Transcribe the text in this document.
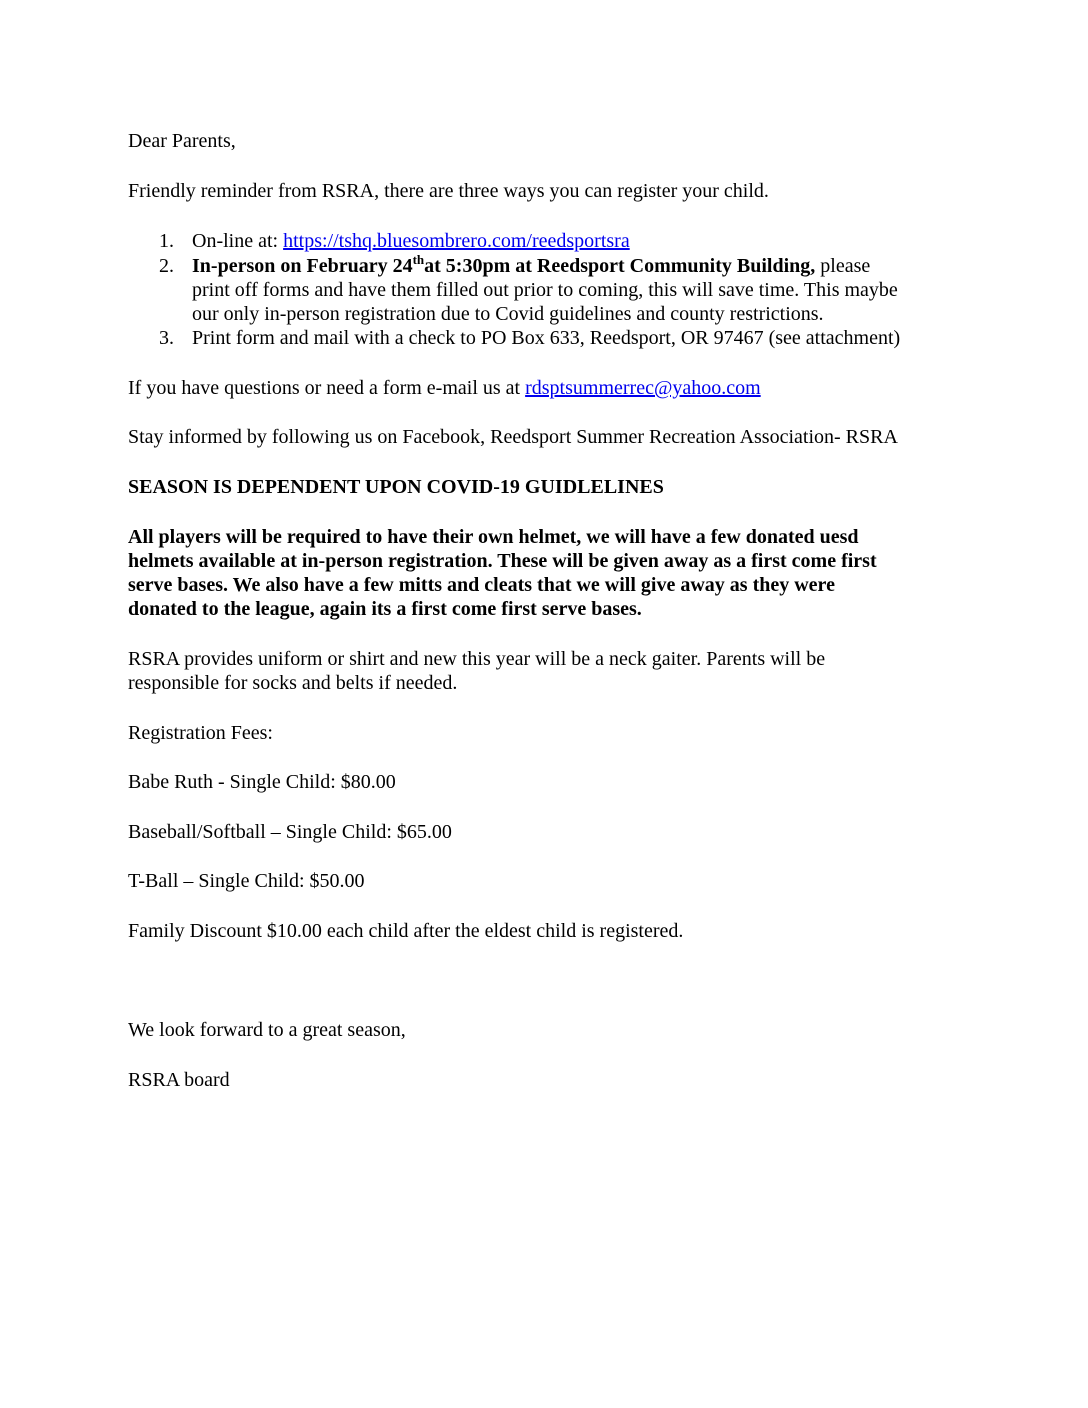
Dear Parents,
Friendly reminder from RSRA, there are three ways you can register your child.
1. On-line at: https://tshq.bluesombrero.com/reedsportsra
2. In-person on February 24that 5:30pm at Reedsport Community Building, please
print off forms and have them filled out prior to coming, this will save time. This maybe
our only in-person registration due to Covid guidelines and county restrictions.
3. Print form and mail with a check to PO Box 633, Reedsport, OR 97467 (see attachment)
If you have questions or need a form e-mail us at rdsptsummerrec@yahoo.com
Stay informed by following us on Facebook, Reedsport Summer Recreation Association- RSRA
SEASON IS DEPENDENT UPON COVID-19 GUIDLELINES
All players will be required to have their own helmet, we will have a few donated uesd
helmets available at in-person registration. These will be given away as a first come first
serve bases. We also have a few mitts and cleats that we will give away as they were
donated to the league, again its a first come first serve bases.
RSRA provides uniform or shirt and new this year will be a neck gaiter. Parents will be
responsible for socks and belts if needed.
Registration Fees:
Babe Ruth - Single Child: $80.00
Baseball/Softball – Single Child: $65.00
T-Ball – Single Child: $50.00
Family Discount $10.00 each child after the eldest child is registered.
We look forward to a great season,
RSRA board
